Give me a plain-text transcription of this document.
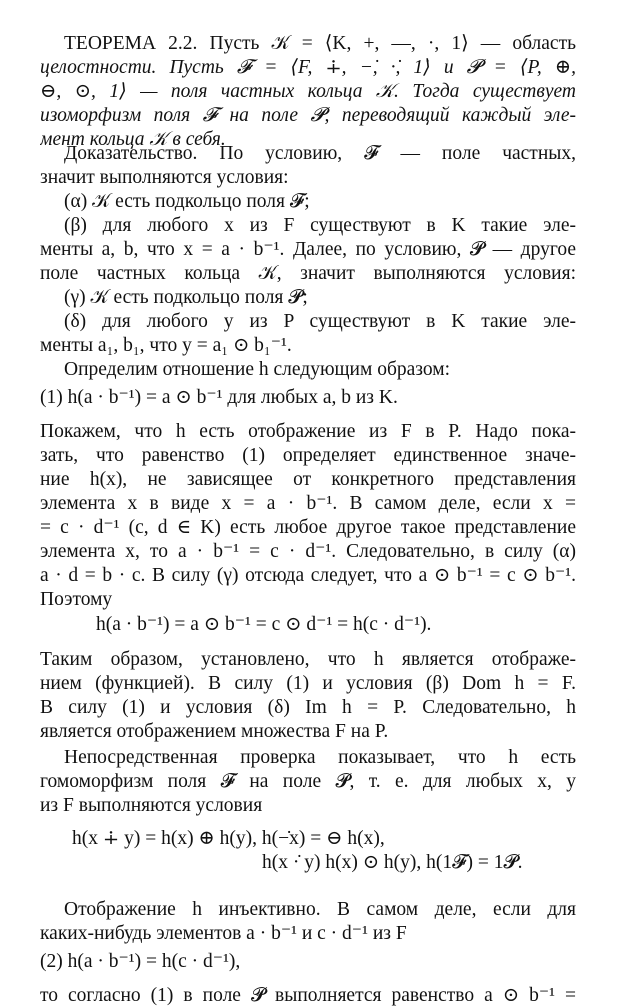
ТЕОРЕМА 2.2. Пусть 𝒦 = ⟨K, +, —, ·, 1⟩ — область

целостности. Пусть 𝓕 = ⟨F, ∔, −̇, ·̇, 1̇⟩ и 𝓟 = ⟨P, ⊕,

⊖, ⊙, 1⟩ — поля частных кольца 𝒦. Тогда существует

изоморфизм поля 𝓕 на поле 𝓟, переводящий каждый эле-

мент кольца 𝒦 в себя.

Доказательство. По условию, 𝓕 — поле частных,

значит выполняются условия:

(α) 𝒦 есть подкольцо поля 𝓕;

(β) для любого x из F существуют в K такие эле-

менты a, b, что x = a · b⁻¹. Далее, по условию, 𝓟 — другое

поле частных кольца 𝒦, значит выполняются условия:

(γ) 𝒦 есть подкольцо поля 𝓟;

(δ) для любого y из P существуют в K такие эле-

менты a₁, b₁, что y = a₁ ⊙ b₁⁻¹.

Определим отношение h следующим образом:

(1) h(a · b⁻¹) = a ⊙ b⁻¹ для любых a, b из K.

Покажем, что h есть отображение из F в P. Надо пока-

зать, что равенство (1) определяет единственное значе-

ние h(x), не зависящее от конкретного представления

элемента x в виде x = a · b⁻¹. В самом деле, если x =

= c · d⁻¹ (c, d ∈ K) есть любое другое такое представление

элемента x, то a · b⁻¹ = c · d⁻¹. Следовательно, в силу (α)

a · d = b · c. В силу (γ) отсюда следует, что a ⊙ b⁻¹ = c ⊙ b⁻¹.

Поэтому

h(a · b⁻¹) = a ⊙ b⁻¹ = c ⊙ d⁻¹ = h(c · d⁻¹).

Таким образом, установлено, что h является отображе-

нием (функцией). В силу (1) и условия (β) Dom h = F.

В силу (1) и условия (δ) Im h = P. Следовательно, h

является отображением множества F на P.

Непосредственная проверка показывает, что h есть

гомоморфизм поля 𝓕 на поле 𝓟, т. е. для любых x, y

из F выполняются условия

h(x ∔ y) = h(x) ⊕ h(y), h(−̇x) = ⊖ h(x),

h(x ·̇ y) h(x) ⊙ h(y), h(1𝓕) = 1𝓟.

Отображение h инъективно. В самом деле, если для

каких-нибудь элементов a · b⁻¹ и c · d⁻¹ из F

(2) h(a · b⁻¹) = h(c · d⁻¹),

то согласно (1) в поле 𝓟 выполняется равенство a ⊙ b⁻¹ =
